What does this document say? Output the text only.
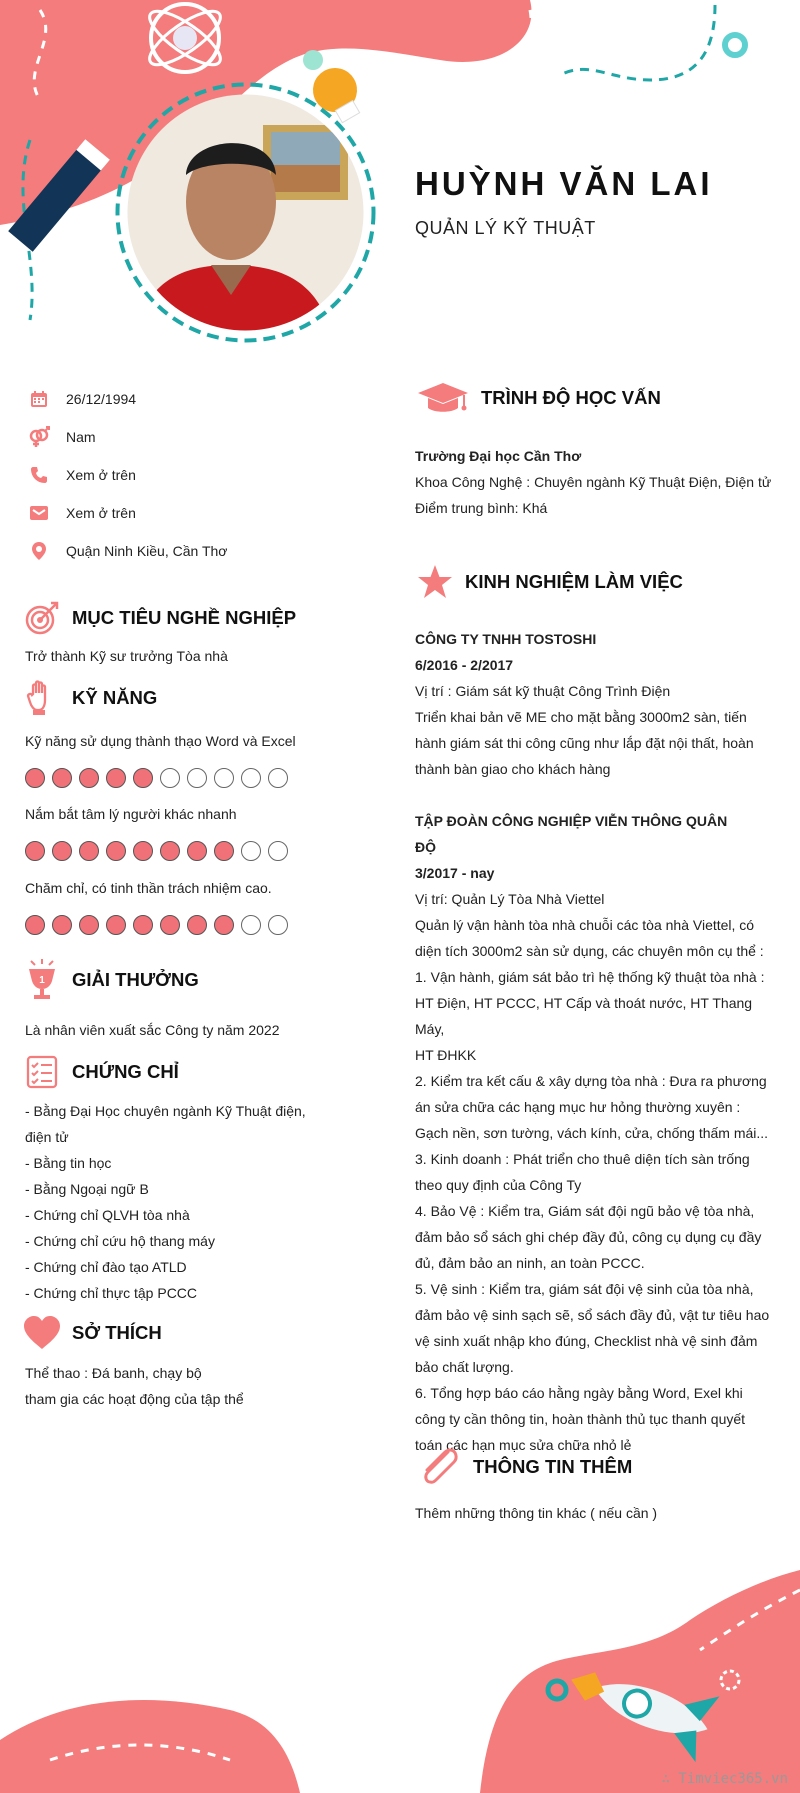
HUỲNH VĂN LAI
QUẢN LÝ KỸ THUẬT
26/12/1994
Nam
Xem ở trên
Xem ở trên
Quận Ninh Kiều, Cần Thơ
MỤC TIÊU NGHỀ NGHIỆP
Trở thành Kỹ sư trưởng Tòa nhà
KỸ NĂNG
Kỹ năng sử dụng thành thạo Word và Excel
Nắm bắt tâm lý người khác nhanh
Chăm chỉ, có tinh thần trách nhiệm cao.
1 GIẢI THƯỞNG
Là nhân viên xuất sắc Công ty năm 2022
CHỨNG CHỈ
- Bằng Đại Học chuyên ngành Kỹ Thuật điện,
điện tử
- Bằng tin học
- Bằng Ngoại ngữ B
- Chứng chỉ QLVH tòa nhà
- Chứng chỉ cứu hộ thang máy
- Chứng chỉ đào tạo ATLD
- Chứng chỉ thực tập PCCC
SỞ THÍCH
Thể thao : Đá banh, chạy bộ
tham gia các hoạt động của tập thể
TRÌNH ĐỘ HỌC VẤN
Trường Đại học Cần Thơ
Khoa Công Nghệ : Chuyên ngành Kỹ Thuật Điện, Điện tử
Điểm trung bình: Khá
KINH NGHIỆM LÀM VIỆC
CÔNG TY TNHH TOSTOSHI
6/2016 - 2/2017
Vị trí : Giám sát kỹ thuật Công Trình Điện
Triển khai bản vẽ ME cho mặt bằng 3000m2 sàn, tiến
hành giám sát thi công cũng như lắp đặt nội thất, hoàn
thành bàn giao cho khách hàng
TẬP ĐOÀN CÔNG NGHIỆP VIỄN THÔNG QUÂN
ĐỘ
3/2017 - nay
Vị trí: Quản Lý Tòa Nhà Viettel
Quản lý vận hành tòa nhà chuỗi các tòa nhà Viettel, có
diện tích 3000m2 sàn sử dụng, các chuyên môn cụ thể :
1. Vận hành, giám sát bảo trì hệ thống kỹ thuật tòa nhà :
HT Điện, HT PCCC, HT Cấp và thoát nước, HT Thang Máy,
HT ĐHKK
2. Kiểm tra kết cấu & xây dựng tòa nhà : Đưa ra phương
án sửa chữa các hạng mục hư hỏng thường xuyên :
Gạch nền, sơn tường, vách kính, cửa, chống thấm mái...
3. Kinh doanh : Phát triển cho thuê diện tích sàn trống
theo quy định của Công Ty
4. Bảo Vệ : Kiểm tra, Giám sát đội ngũ bảo vệ tòa nhà,
đảm bảo sổ sách ghi chép đầy đủ, công cụ dụng cụ đầy
đủ, đảm bảo an ninh, an toàn PCCC.
5. Vệ sinh : Kiểm tra, giám sát đội vệ sinh của tòa nhà,
đảm bảo vệ sinh sạch sẽ, sổ sách đầy đủ, vật tư tiêu hao
vệ sinh xuất nhập kho đúng, Checklist nhà vệ sinh đảm
bảo chất lượng.
6. Tổng hợp báo cáo hằng ngày bằng Word, Exel khi
công ty cần thông tin, hoàn thành thủ tục thanh quyết
toán các hạn mục sửa chữa nhỏ lẻ
THÔNG TIN THÊM
Thêm những thông tin khác ( nếu cần )
∴ Timviec365.vn
